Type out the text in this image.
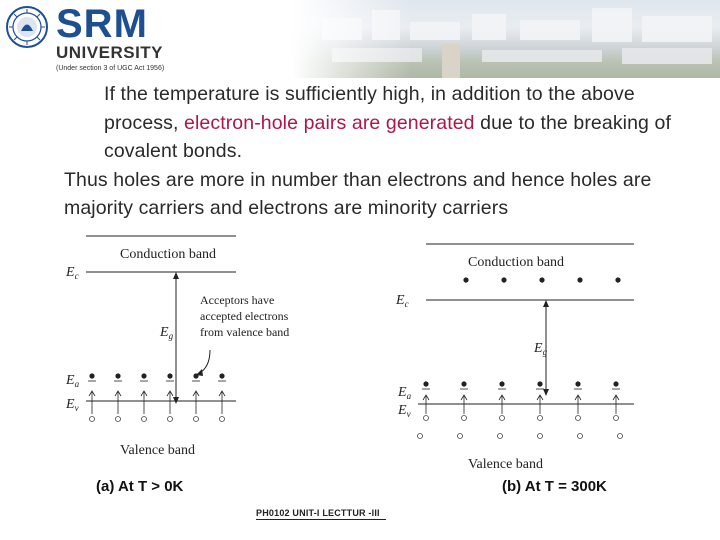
SRM
UNIVERSITY
(Under section 3 of UGC Act 1956)

If the temperature is sufficiently high, in addition to the above process, electron-hole pairs are generated due to the breaking of covalent bonds.

Thus holes are more in number than electrons and hence holes are majority carriers and electrons are minority carriers

Conduction band
$E_c$
$E_g$
Acceptors have
accepted electrons
from valence band
$E_a$
$E_v$
Valence band
(a) At T > 0K
Conduction band
$E_c$
$E_g$
$E_a$
$E_v$
Valence band
(b) At T = 300K
PH0102 UNIT-I LECTTUR -III
